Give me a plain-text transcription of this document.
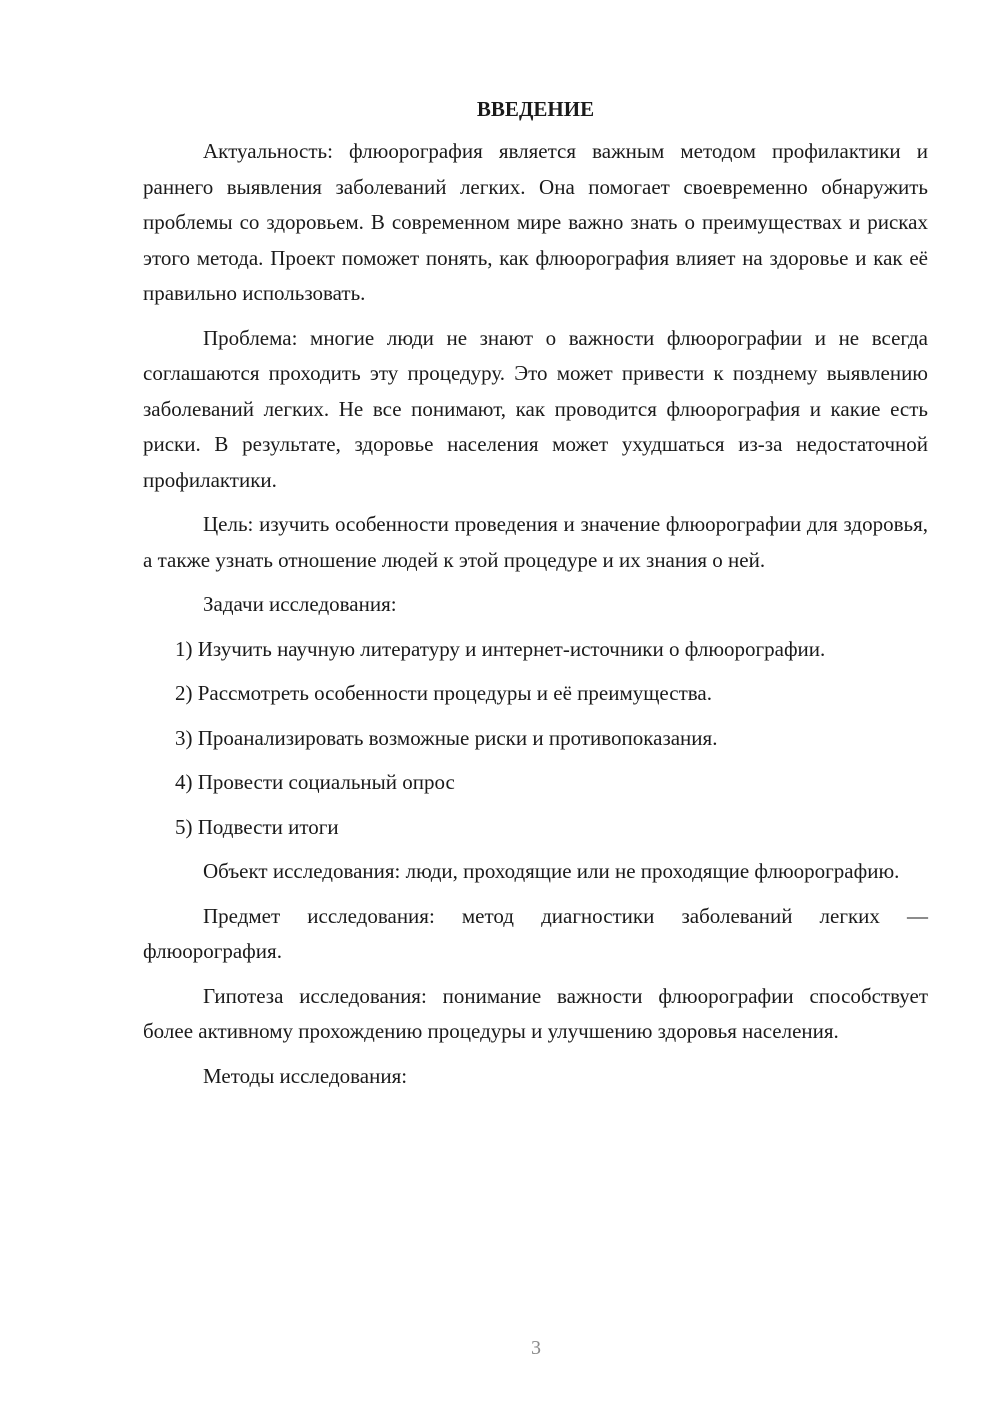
ВВЕДЕНИЕ

Актуальность: флюорография является важным методом профилактики и раннего выявления заболеваний легких. Она помогает своевременно обнаружить проблемы со здоровьем. В современном мире важно знать о преимуществах и рисках этого метода. Проект поможет понять, как флюорография влияет на здоровье и как её правильно использовать.

Проблема: многие люди не знают о важности флюорографии и не всегда соглашаются проходить эту процедуру. Это может привести к позднему выявлению заболеваний легких. Не все понимают, как проводится флюорография и какие есть риски. В результате, здоровье населения может ухудшаться из-за недостаточной профилактики.

Цель: изучить особенности проведения и значение флюорографии для здоровья, а также узнать отношение людей к этой процедуре и их знания о ней.

Задачи исследования:

1) Изучить научную литературу и интернет-источники о флюорографии.

2) Рассмотреть особенности процедуры и её преимущества.

3) Проанализировать возможные риски и противопоказания.

4) Провести социальный опрос

5) Подвести итоги

Объект исследования: люди, проходящие или не проходящие флюорографию.

Предмет исследования: метод диагностики заболеваний легких — флюорография.

Гипотеза исследования: понимание важности флюорографии способствует более активному прохождению процедуры и улучшению здоровья населения.

Методы исследования:

3
